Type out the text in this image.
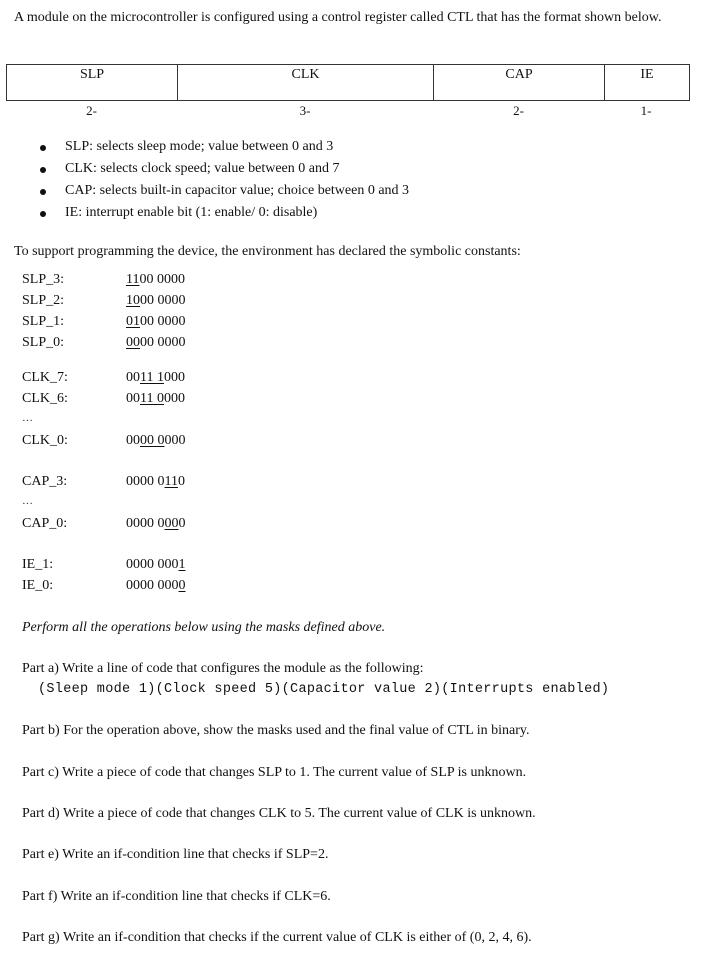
A module on the microcontroller is configured using a control register called CTL that has the format shown below.
SLP	CLK	CAP	IE
2-	3-	2-	1-
SLP: selects sleep mode; value between 0 and 3
CLK: selects clock speed; value between 0 and 7
CAP: selects built-in capacitor value; choice between 0 and 3
IE: interrupt enable bit (1: enable/ 0: disable)
To support programming the device, the environment has declared the symbolic constants:
SLP_3:	1100 0000
SLP_2:	1000 0000
SLP_1:	0100 0000
SLP_0:	0000 0000
CLK_7:	0011 1000
CLK_6:	0011 0000
…
CLK_0:	0000 0000
CAP_3:	0000 0110
…
CAP_0:	0000 0000
IE_1:	0000 0001
IE_0:	0000 0000
Perform all the operations below using the masks defined above.
Part a) Write a line of code that configures the module as the following:
(Sleep mode 1)(Clock speed 5)(Capacitor value 2)(Interrupts enabled)
Part b) For the operation above, show the masks used and the final value of CTL in binary.
Part c) Write a piece of code that changes SLP to 1. The current value of SLP is unknown.
Part d) Write a piece of code that changes CLK to 5. The current value of CLK is unknown.
Part e) Write an if-condition line that checks if SLP=2.
Part f) Write an if-condition line that checks if CLK=6.
Part g) Write an if-condition that checks if the current value of CLK is either of (0, 2, 4, 6).
